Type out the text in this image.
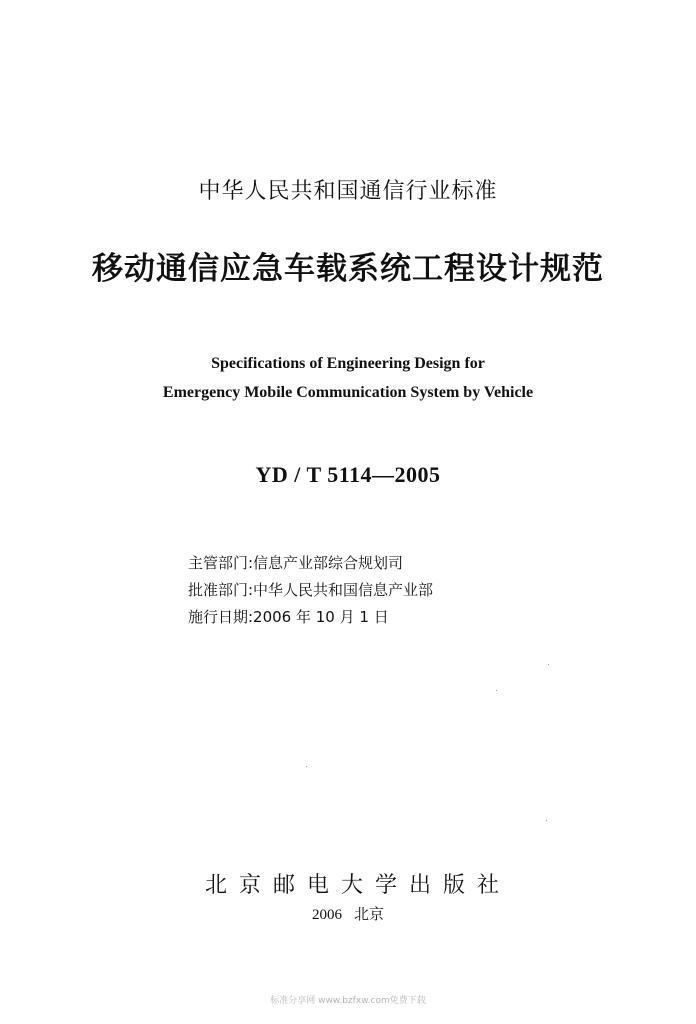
中华人民共和国通信行业标准
移动通信应急车载系统工程设计规范
Specifications of Engineering Design for
Emergency Mobile Communication System by Vehicle
YD / T 5114—2005
主管部门:信息产业部综合规划司
批准部门:中华人民共和国信息产业部
施行日期:2006 年 10 月 1 日
北京邮电大学出版社
2006 北京
标准分享网 www.bzfxw.com免费下载
